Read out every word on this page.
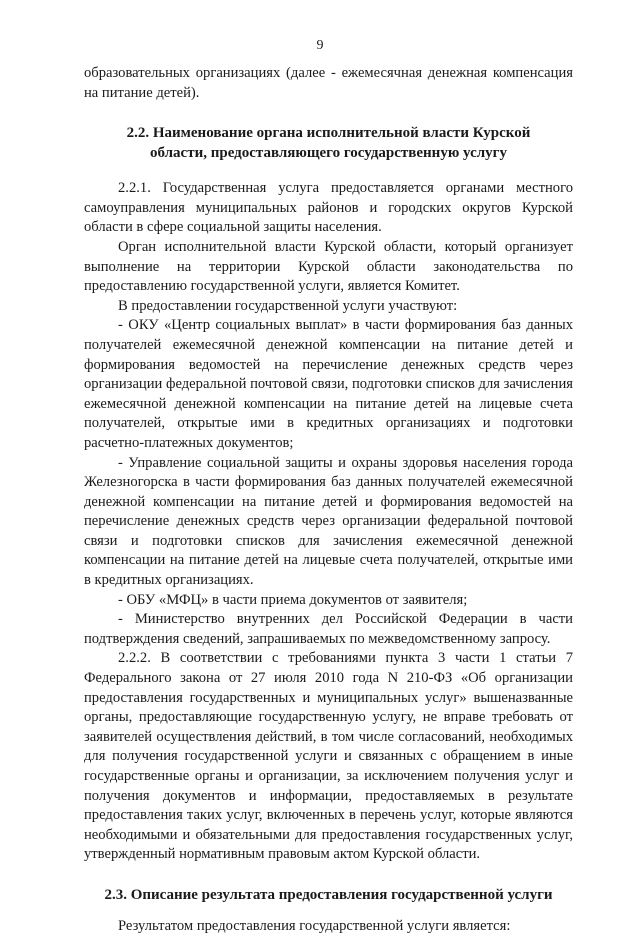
9

образовательных организациях (далее - ежемесячная денежная компенсация на питание детей).

2.2. Наименование органа исполнительной власти Курской области, предоставляющего государственную услугу

2.2.1. Государственная услуга предоставляется органами местного самоуправления муниципальных районов и городских округов Курской области в сфере социальной защиты населения.

Орган исполнительной власти Курской области, который организует выполнение на территории Курской области законодательства по предоставлению государственной услуги, является Комитет.

В предоставлении государственной услуги участвуют:

- ОКУ «Центр социальных выплат» в части формирования баз данных получателей ежемесячной денежной компенсации на питание детей и формирования ведомостей на перечисление денежных средств через организации федеральной почтовой связи, подготовки списков для зачисления ежемесячной денежной компенсации на питание детей на лицевые счета получателей, открытые ими в кредитных организациях и подготовки расчетно-платежных документов;

- Управление социальной защиты и охраны здоровья населения города Железногорска в части формирования баз данных получателей ежемесячной денежной компенсации на питание детей и формирования ведомостей на перечисление денежных средств через организации федеральной почтовой связи и подготовки списков для зачисления ежемесячной денежной компенсации на питание детей на лицевые счета получателей, открытые ими в кредитных организациях.

- ОБУ «МФЦ» в части приема документов от заявителя;

- Министерство внутренних дел Российской Федерации в части подтверждения сведений, запрашиваемых по межведомственному запросу.

2.2.2. В соответствии с требованиями пункта 3 части 1 статьи 7 Федерального закона от 27 июля 2010 года N 210-ФЗ «Об организации предоставления государственных и муниципальных услуг» вышеназванные органы, предоставляющие государственную услугу, не вправе требовать от заявителей осуществления действий, в том числе согласований, необходимых для получения государственной услуги и связанных с обращением в иные государственные органы и организации, за исключением получения услуг и получения документов и информации, предоставляемых в результате предоставления таких услуг, включенных в перечень услуг, которые являются необходимыми и обязательными для предоставления государственных услуг, утвержденный нормативным правовым актом Курской области.

2.3. Описание результата предоставления государственной услуги

Результатом предоставления государственной услуги является:
